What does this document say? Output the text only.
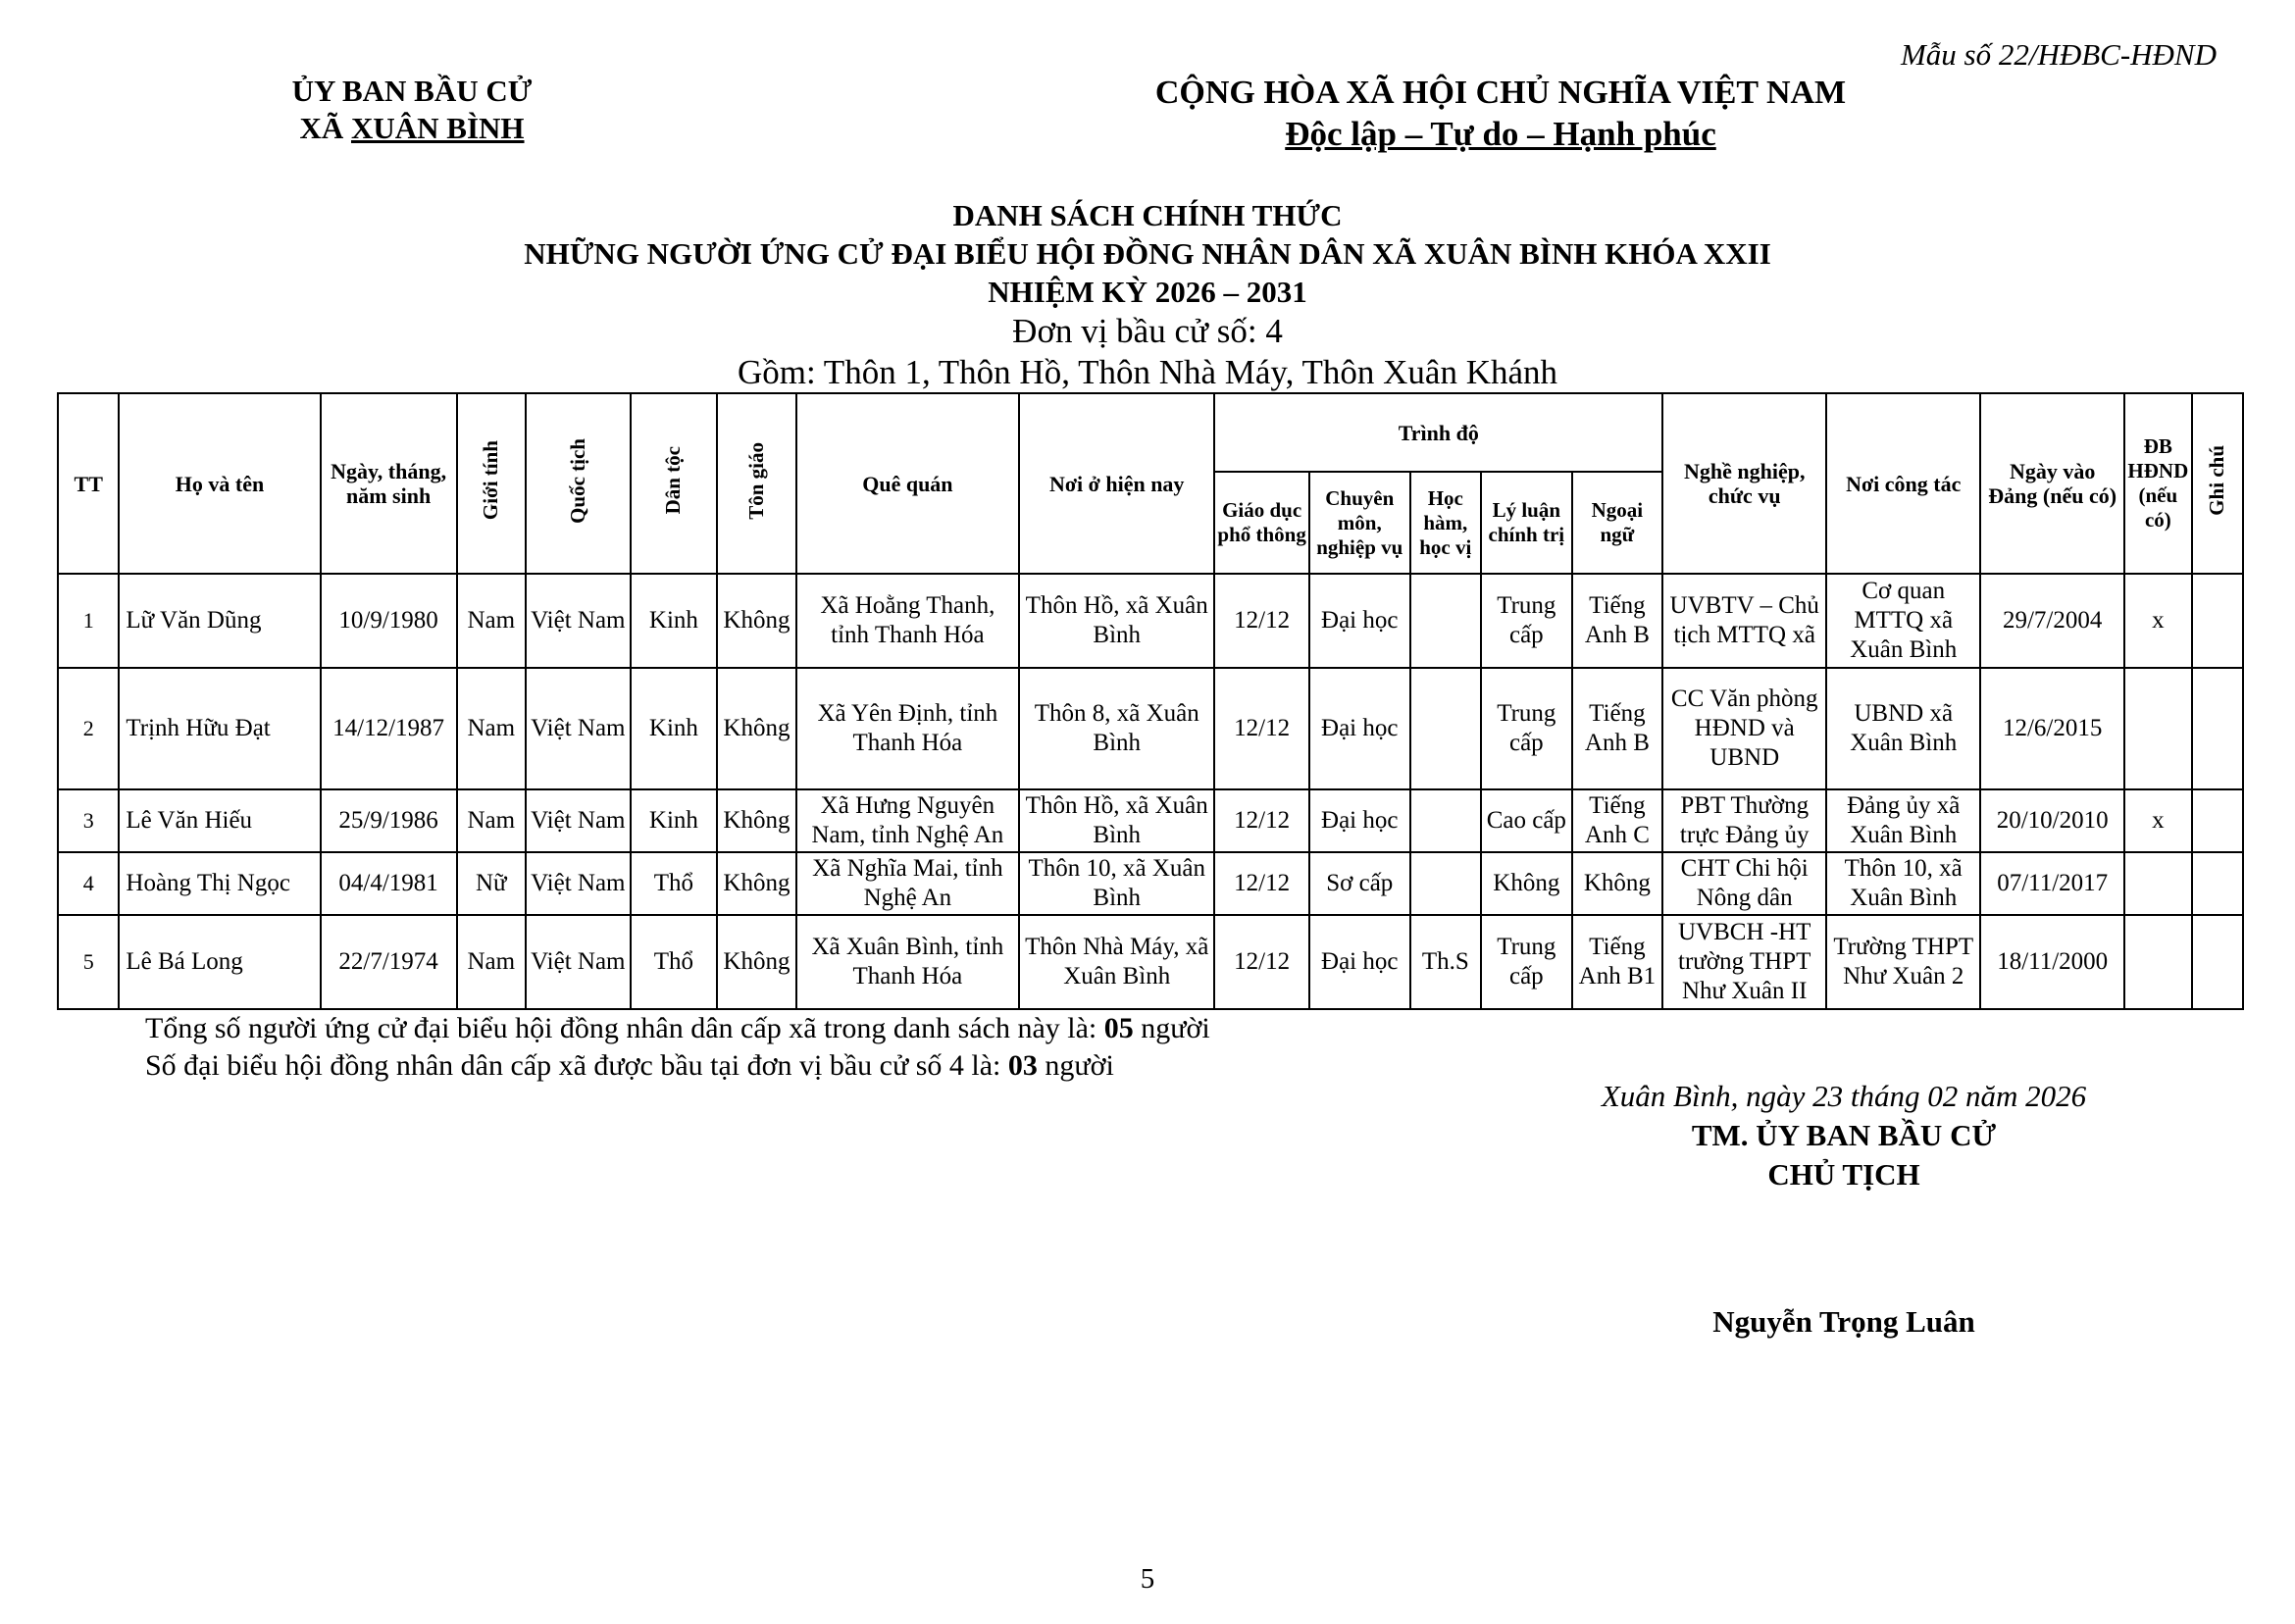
Mẫu số 22/HĐBC-HĐND
ỦY BAN BẦU CỬ
XÃ XUÂN BÌNH
CỘNG HÒA XÃ HỘI CHỦ NGHĨA VIỆT NAM
Độc lập – Tự do – Hạnh phúc
DANH SÁCH CHÍNH THỨC
NHỮNG NGƯỜI ỨNG CỬ ĐẠI BIỂU HỘI ĐỒNG NHÂN DÂN XÃ XUÂN BÌNH KHÓA XXII
NHIỆM KỲ 2026 – 2031
Đơn vị bầu cử số: 4
Gồm: Thôn 1, Thôn Hồ, Thôn Nhà Máy, Thôn Xuân Khánh
TT	Họ và tên	Ngày, tháng, năm sinh	Giới tính	Quốc tịch	Dân tộc	Tôn giáo	Quê quán	Nơi ở hiện nay	Trình độ					Nghề nghiệp, chức vụ	Nơi công tác	Ngày vào Đảng (nếu có)	ĐB HĐND (nếu có)	Ghi chú
									Giáo dục phổ thông	Chuyên môn, nghiệp vụ	Học hàm, học vị	Lý luận chính trị	Ngoại ngữ					
1	Lữ Văn Dũng	10/9/1980	Nam	Việt Nam	Kinh	Không	Xã Hoằng Thanh, tỉnh Thanh Hóa	Thôn Hồ, xã Xuân Bình	12/12	Đại học		Trung cấp	Tiếng Anh B	UVBTV – Chủ tịch MTTQ xã	Cơ quan MTTQ xã Xuân Bình	29/7/2004	x	
2	Trịnh Hữu Đạt	14/12/1987	Nam	Việt Nam	Kinh	Không	Xã Yên Định, tỉnh Thanh Hóa	Thôn 8, xã Xuân Bình	12/12	Đại học		Trung cấp	Tiếng Anh B	CC Văn phòng HĐND và UBND	UBND xã Xuân Bình	12/6/2015		
3	Lê Văn Hiếu	25/9/1986	Nam	Việt Nam	Kinh	Không	Xã Hưng Nguyên Nam, tỉnh Nghệ An	Thôn Hồ, xã Xuân Bình	12/12	Đại học		Cao cấp	Tiếng Anh C	PBT Thường trực Đảng ủy	Đảng ủy xã Xuân Bình	20/10/2010	x	
4	Hoàng Thị Ngọc	04/4/1981	Nữ	Việt Nam	Thổ	Không	Xã Nghĩa Mai, tỉnh Nghệ An	Thôn 10, xã Xuân Bình	12/12	Sơ cấp		Không	Không	CHT Chi hội Nông dân	Thôn 10, xã Xuân Bình	07/11/2017		
5	Lê Bá Long	22/7/1974	Nam	Việt Nam	Thổ	Không	Xã Xuân Bình, tỉnh Thanh Hóa	Thôn Nhà Máy, xã Xuân Bình	12/12	Đại học	Th.S	Trung cấp	Tiếng Anh B1	UVBCH -HT trường THPT Như Xuân II	Trường THPT Như Xuân 2	18/11/2000		
Tổng số người ứng cử đại biểu hội đồng nhân dân cấp xã trong danh sách này là: 05 người
Số đại biểu hội đồng nhân dân cấp xã được bầu tại đơn vị bầu cử số 4 là: 03 người
Xuân Bình, ngày 23 tháng 02 năm 2026
TM. ỦY BAN BẦU CỬ
CHỦ TỊCH
Nguyễn Trọng Luân
5
